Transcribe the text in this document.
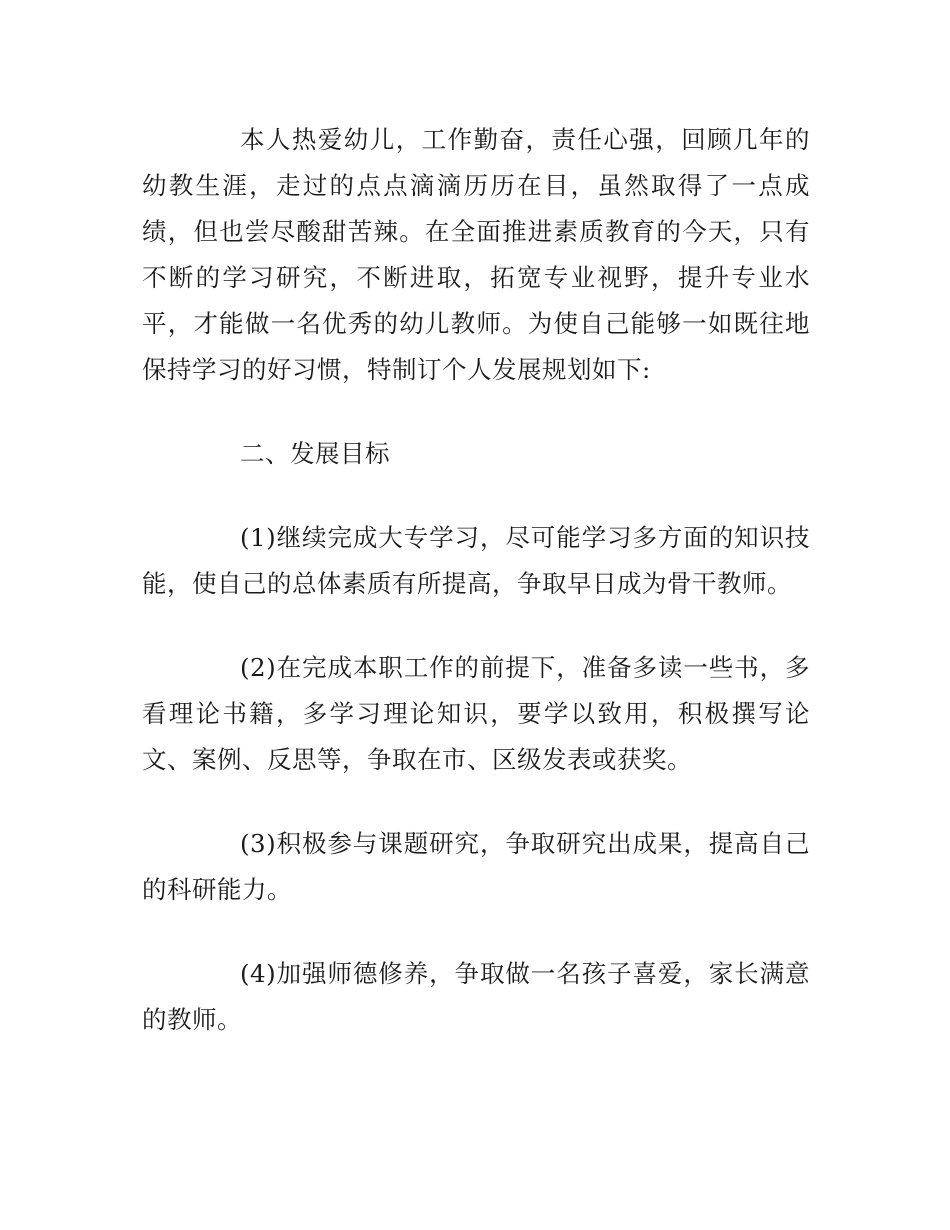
本人热爱幼儿，工作勤奋，责任心强，回顾几年的幼教生涯，走过的点点滴滴历历在目，虽然取得了一点成绩，但也尝尽酸甜苦辣。在全面推进素质教育的今天，只有不断的学习研究，不断进取，拓宽专业视野，提升专业水平，才能做一名优秀的幼儿教师。为使自己能够一如既往地保持学习的好习惯，特制订个人发展规划如下:

二、发展目标

(1)继续完成大专学习，尽可能学习多方面的知识技能，使自己的总体素质有所提高，争取早日成为骨干教师。

(2)在完成本职工作的前提下，准备多读一些书，多看理论书籍，多学习理论知识，要学以致用，积极撰写论文、案例、反思等，争取在市、区级发表或获奖。

(3)积极参与课题研究，争取研究出成果，提高自己的科研能力。

(4)加强师德修养，争取做一名孩子喜爱，家长满意的教师。
